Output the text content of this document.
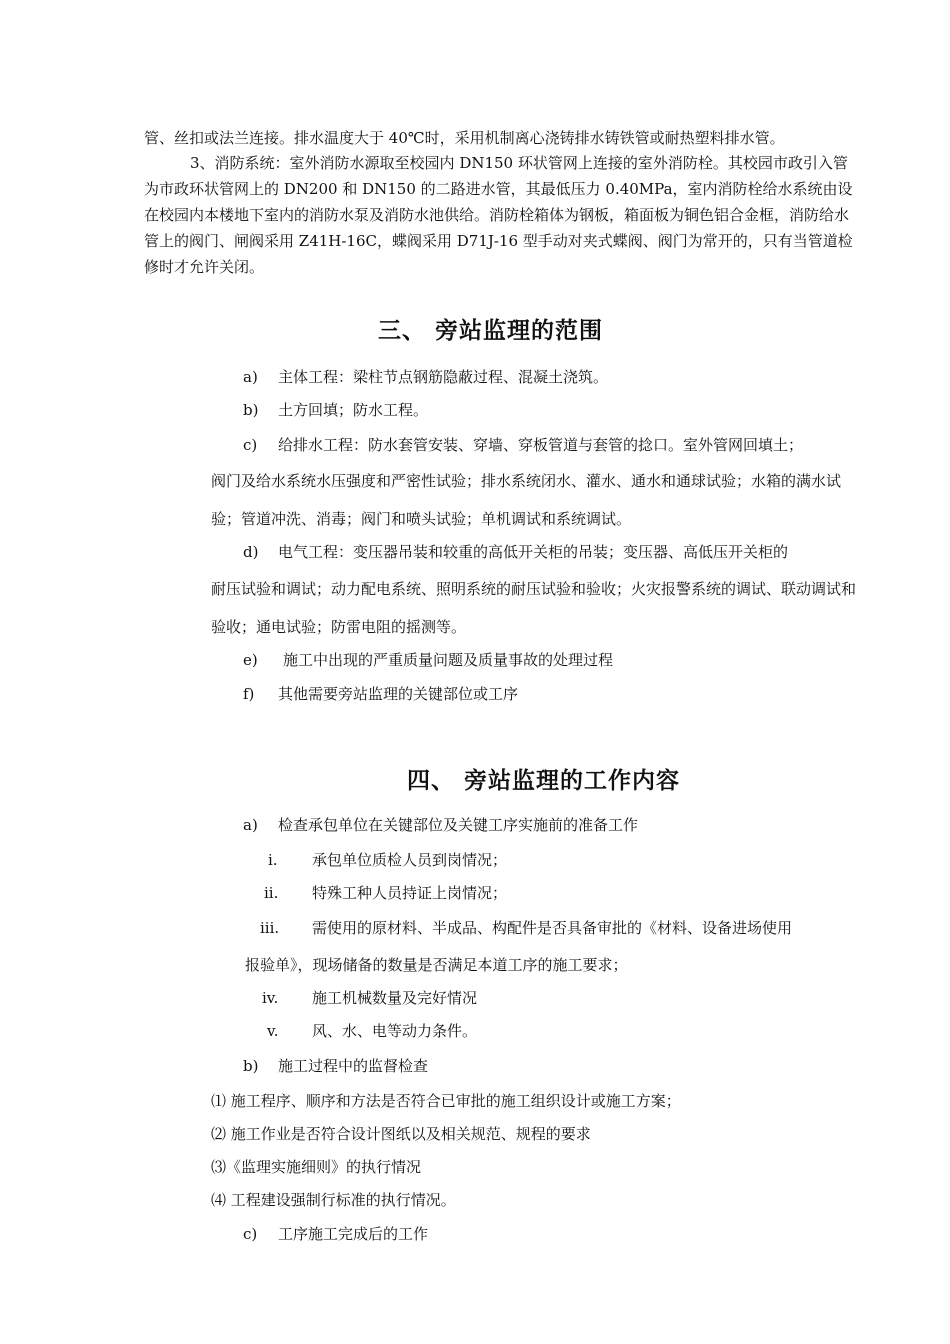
管、丝扣或法兰连接。排水温度大于 40℃时，采用机制离心浇铸排水铸铁管或耐热塑料排水管。
3、消防系统：室外消防水源取至校园内 DN150 环状管网上连接的室外消防栓。其校园市政引入管为市政环状管网上的 DN200 和 DN150 的二路进水管，其最低压力 0.40MPa，室内消防栓给水系统由设在校园内本楼地下室内的消防水泵及消防水池供给。消防栓箱体为钢板，箱面板为铜色铝合金框，消防给水管上的阀门、闸阀采用 Z41H-16C，蝶阀采用 D71J-16 型手动对夹式蝶阀、阀门为常开的，只有当管道检修时才允许关闭。
三、 旁站监理的范围
a) 主体工程：梁柱节点钢筋隐蔽过程、混凝土浇筑。
b) 土方回填；防水工程。
c) 给排水工程：防水套管安装、穿墙、穿板管道与套管的捻口。室外管网回填土；
阀门及给水系统水压强度和严密性试验；排水系统闭水、灌水、通水和通球试验；水箱的满水试验；管道冲洗、消毒；阀门和喷头试验；单机调试和系统调试。
d) 电气工程：变压器吊装和较重的高低开关柜的吊装；变压器、高低压开关柜的
耐压试验和调试；动力配电系统、照明系统的耐压试验和验收；火灾报警系统的调试、联动调试和验收；通电试验；防雷电阻的摇测等。
e) 施工中出现的严重质量问题及质量事故的处理过程
f) 其他需要旁站监理的关键部位或工序
四、 旁站监理的工作内容
a) 检查承包单位在关键部位及关键工序实施前的准备工作
i. 承包单位质检人员到岗情况；
ii. 特殊工种人员持证上岗情况；
iii. 需使用的原材料、半成品、构配件是否具备审批的《材料、设备进场使用
报验单》，现场储备的数量是否满足本道工序的施工要求；
iv. 施工机械数量及完好情况
v. 风、水、电等动力条件。
b) 施工过程中的监督检查
⑴ 施工程序、顺序和方法是否符合已审批的施工组织设计或施工方案；
⑵ 施工作业是否符合设计图纸以及相关规范、规程的要求
⑶《监理实施细则》的执行情况
⑷ 工程建设强制行标准的执行情况。
c) 工序施工完成后的工作
